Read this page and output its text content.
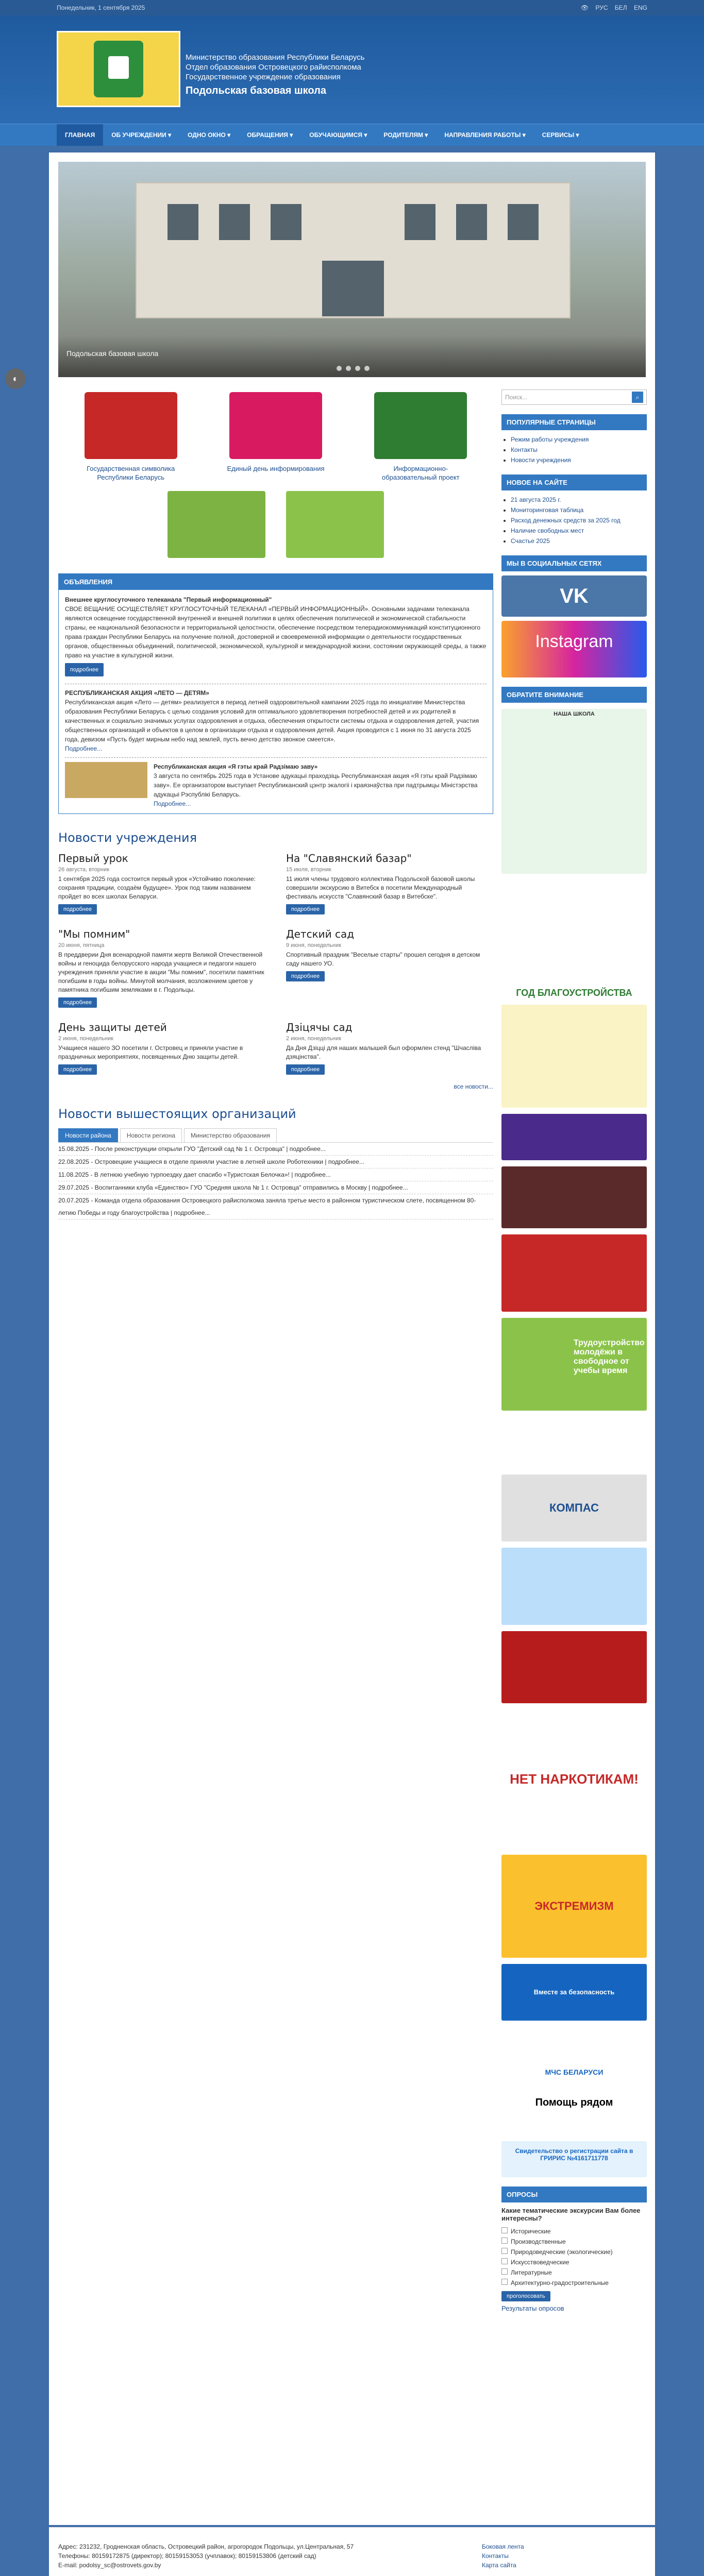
Понедельник, 1 сентября 2025	👁 РУС БЕЛ ENG
Министерство образования Республики Беларусь
Отдел образования Островецкого райисполкома
Государственное учреждение образования
Подольская базовая школа
ГЛАВНАЯ	ОБ УЧРЕЖДЕНИИ ▾	ОДНО ОКНО ▾	ОБРАЩЕНИЯ ▾	ОБУЧАЮЩИМСЯ ▾	РОДИТЕЛЯМ ▾	НАПРАВЛЕНИЯ РАБОТЫ ▾	СЕРВИСЫ ▾
◐
Подольская базовая школа
Государственная символика Республики Беларусь
Единый день информирования	Информационно-образовательный проект
ОБЪЯВЛЕНИЯ
Внешнее круглосуточного телеканала "Первый информационный"
СВОЕ ВЕЩАНИЕ ОСУЩЕСТВЛЯЕТ КРУГЛОСУТОЧНЫЙ ТЕЛЕКАНАЛ «ПЕРВЫЙ ИНФОРМАЦИОННЫЙ». Основными задачами телеканала являются освещение государственной внутренней и внешней политики в целях обеспечения политической и экономической стабильности страны, ее национальной безопасности и территориальной целостности, обеспечение посредством телерадиокоммуникаций конституционного права граждан Республики Беларусь на получение полной, достоверной и своевременной информации о деятельности государственных органов, общественных объединений, политической, экономической, культурной и международной жизни, состоянии окружающей среды, а также право на участие в культурной жизни.
подробнее
РЕСПУБЛИКАНСКАЯ АКЦИЯ «ЛЕТО — ДЕТЯМ»
Республиканская акция «Лето — детям» реализуется в период летней оздоровительной кампании 2025 года по инициативе Министерства образования Республики Беларусь с целью создания условий для оптимального удовлетворения потребностей детей и их родителей в качественных и социально значимых услугах оздоровления и отдыха, обеспечения открытости системы отдыха и оздоровления детей, участия общественных организаций и объектов в целом в организации отдыха и оздоровления детей. Акция проводится с 1 июня по 31 августа 2025 года, девизом «Пусть будет мирным небо над землей, пусть вечно детство звонкое смеется».
Подробнее...
Республиканская акция «Я гэты край Радзімаю заву»
3 августа по сентябрь 2025 года в Установе адукацыі праходзіць Республиканская акция «Я гэты край Радзімаю заву». Ее организатором выступает Республиканский цэнтр экалогіі і краязнаўства при падтрымцы Міністэрства адукацыі Рэспублікі Беларусь.
Подробнее...
Новости учреждения
Первый урок
26 августа, вторник
1 сентября 2025 года состоится первый урок «Устойчиво поколение: сохраняя традиции, создаём будущее». Урок под таким названием пройдет во всех школах Беларуси.
подробнее
На "Славянский базар"
15 июля, вторник
11 июля члены трудового коллектива Подольской базовой школы совершили экскурсию в Витебск в посетили Международный фестиваль искусств "Славянский базар в Витебске".
подробнее
"Мы помним"
20 июня, пятница
В преддверии Дня всенародной памяти жертв Великой Отечественной войны и геноцида белорусского народа учащиеся и педагоги нашего учреждения приняли участие в акции "Мы помним", посетили памятник погибшим в годы войны. Минутой молчания, возложением цветов у памятника погибшим земляками в г. Подольцы.
подробнее
Детский сад
9 июня, понедельник
Спортивный праздник "Веселые старты" прошел сегодня в детском саду нашего УО.
подробнее
День защиты детей
2 июня, понедельник
Учащиеся нашего ЗО посетили г. Островец и приняли участие в праздничных мероприятиях, посвященных Дню защиты детей.
подробнее
Дзіцячы сад
2 июня, понедельник
Да Дня Дзіцці для наших малышей был оформлен стенд "Шчасліва дзяцінства".
подробнее
все новости...
Новости вышестоящих организаций
Новости района	Новости региона	Министерство образования
15.08.2025 - После реконструкции открыли ГУО "Детский сад № 1 г. Островца" | подробнее...
22.08.2025 - Островецкие учащиеся в отделе приняли участие в летней школе Роботехники | подробнее...
11.08.2025 - В летнюю учебную турпоездку дает спасибо «Туристская Белочка»! | подробнее...
29.07.2025 - Воспитанники клуба «Единство» ГУО "Средняя школа № 1 г. Островца" отправились в Москву | подробнее...
20.07.2025 - Команда отдела образования Островецкого райисполкома заняла третье место в районном туристическом слете, посвященном 80-летию Победы и году благоустройства | подробнее...
Поиск...	⌕
ПОПУЛЯРНЫЕ СТРАНИЦЫ
• Режим работы учреждения
• Контакты
• Новости учреждения
НОВОЕ НА САЙТЕ
• 21 августа 2025 г.
• Мониторинговая таблица
• Расход денежных средств за 2025 год
• Наличие свободных мест
• Счастье 2025
МЫ В СОЦИАЛЬНЫХ СЕТЯХ
VK
Instagram
ОБРАТИТЕ ВНИМАНИЕ
НАША ШКОЛА
ГОД БЛАГОУСТРОЙСТВА
Трудоустройство молодёжи в свободное от учебы время
КОМПАС
НЕТ НАРКОТИКАМ!
ЭКСТРЕМИЗМ
Вместе за безопасность
МЧС БЕЛАРУСИ
Помощь рядом
Свидетельство о регистрации сайта в ГРИРИС №4161711778
ОПРОСЫ

Какие тематические экскурсии Вам более интересны?

Исторические
Производственные
Природоведческие (экологические)
Искусствоведческие
Литературные
Архитектурно-градостроительные
проголосовать
Результаты опросов
Адрес: 231232, Гродненская область, Островецкий район, агрогородок Подольцы, ул.Центральная, 57
Телефоны: 80159172875 (директор); 80159153053 (учплавок); 80159153806 (детский сад)
E-mail: podolsy_sc@ostrovets.gov.by
Боковая лента
Контакты
Карта сайта
